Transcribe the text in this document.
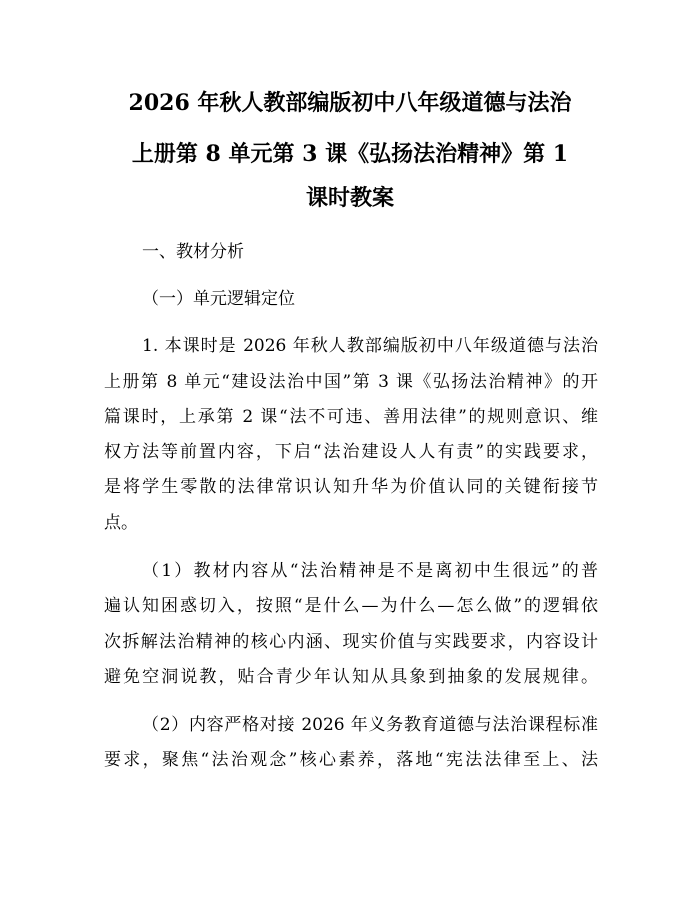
2026 年秋人教部编版初中八年级道德与法治
上册第 8 单元第 3 课《弘扬法治精神》第 1
课时教案

一、教材分析

（一）单元逻辑定位

1. 本课时是 2026 年秋人教部编版初中八年级道德与法治

上册第 8 单元“建设法治中国”第 3 课《弘扬法治精神》的开

篇课时，上承第 2 课“法不可违、善用法律”的规则意识、维

权方法等前置内容，下启“法治建设人人有责”的实践要求，

是将学生零散的法律常识认知升华为价值认同的关键衔接节

点。

（1）教材内容从“法治精神是不是离初中生很远”的普

遍认知困惑切入，按照“是什么—为什么—怎么做”的逻辑依

次拆解法治精神的核心内涵、现实价值与实践要求，内容设计

避免空洞说教，贴合青少年认知从具象到抽象的发展规律。

（2）内容严格对接 2026 年义务教育道德与法治课程标准

要求，聚焦“法治观念”核心素养，落地“宪法法律至上、法
